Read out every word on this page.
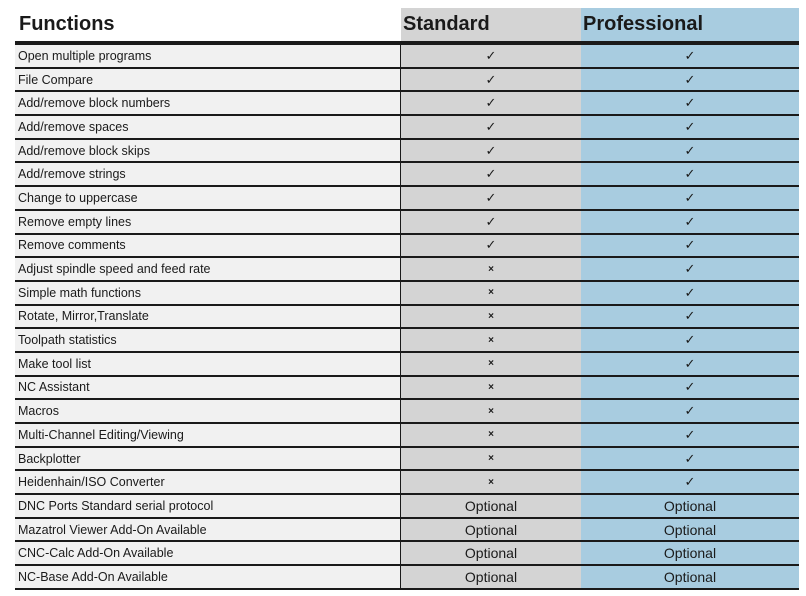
Functions	Standard	Professional
Open multiple programs	✓	✓
File Compare	✓	✓
Add/remove block numbers	✓	✓
Add/remove spaces	✓	✓
Add/remove block skips	✓	✓
Add/remove strings	✓	✓
Change to uppercase	✓	✓
Remove empty lines	✓	✓
Remove comments	✓	✓
Adjust spindle speed and feed rate	×	✓
Simple math functions	×	✓
Rotate, Mirror,Translate	×	✓
Toolpath statistics	×	✓
Make tool list	×	✓
NC Assistant	×	✓
Macros	×	✓
Multi-Channel Editing/Viewing	×	✓
Backplotter	×	✓
Heidenhain/ISO Converter	×	✓
DNC Ports Standard serial protocol	Optional	Optional
Mazatrol Viewer Add-On Available	Optional	Optional
CNC-Calc Add-On Available	Optional	Optional
NC-Base Add-On Available	Optional	Optional
